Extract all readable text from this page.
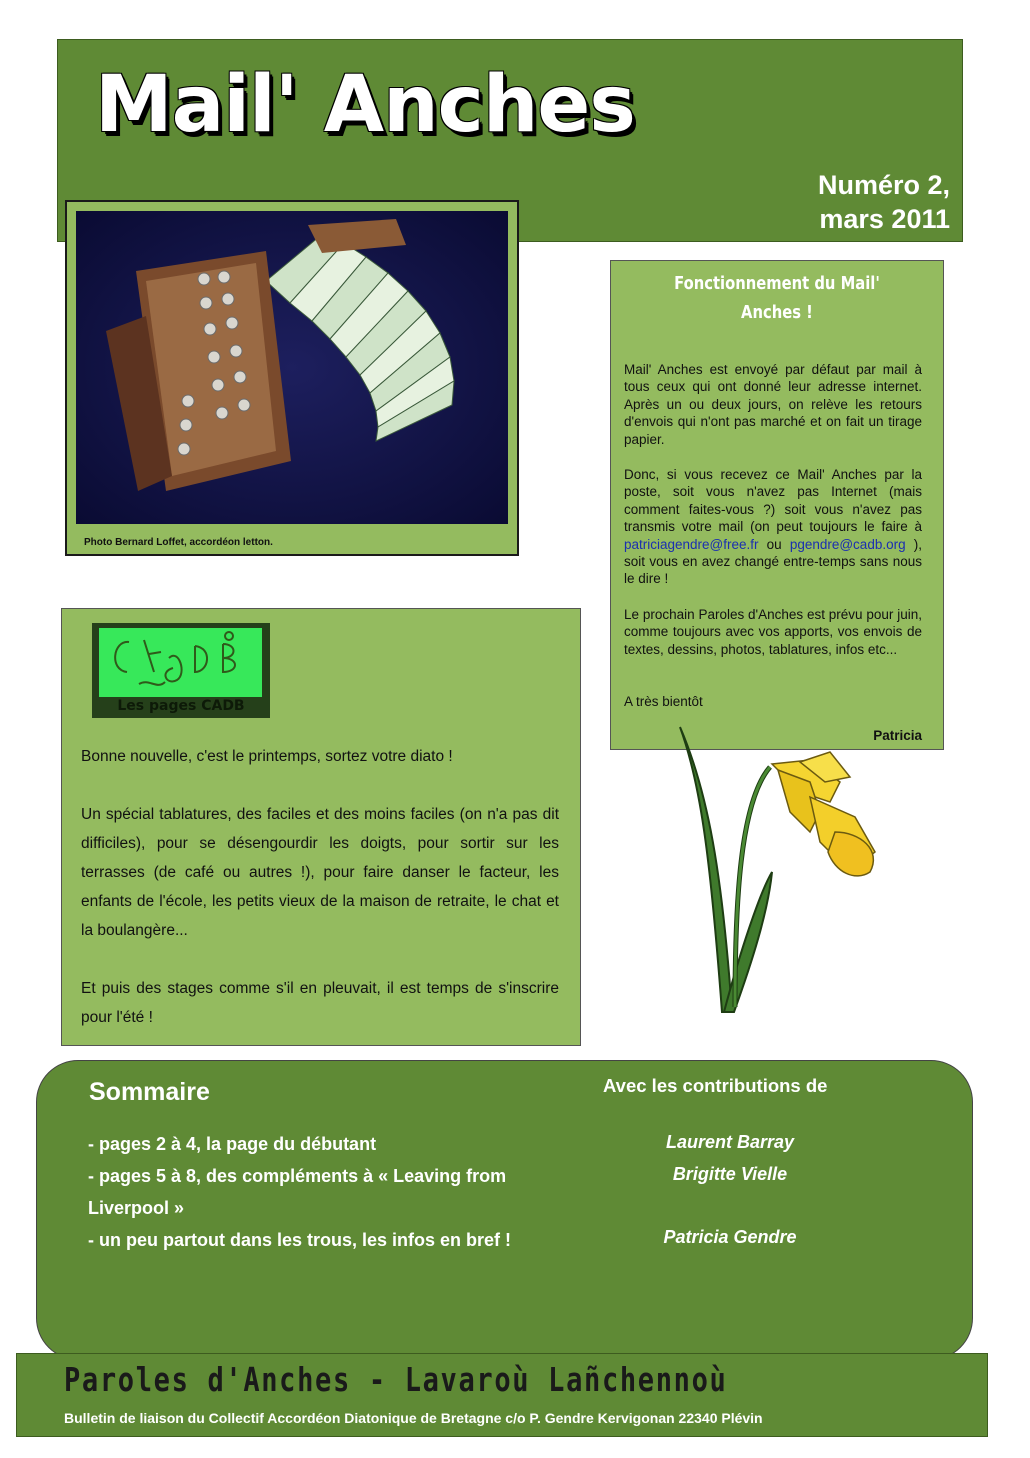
Mail' Anches
Numéro 2,
mars 2011
Photo Bernard Loffet, accordéon letton.
Fonctionnement du Mail'
Anches !

Mail' Anches est envoyé par défaut par mail à tous ceux qui ont donné leur adresse internet. Après un ou deux jours, on relève les retours d'envois qui n'ont pas marché et on fait un tirage papier.

Donc, si vous recevez ce Mail' Anches par la poste, soit vous n'avez pas Internet (mais comment faites-vous ?) soit vous n'avez pas transmis votre mail (on peut toujours le faire à patriciagendre@free.fr ou pgendre@cadb.org ), soit vous en avez changé entre-temps sans nous le dire !

Le prochain Paroles d'Anches est prévu pour juin, comme toujours avec vos apports, vos envois de textes, dessins, photos, tablatures, infos etc...

A très bientôt

Patricia
Les pages CADB

Bonne nouvelle, c'est le printemps, sortez votre diato !

Un spécial tablatures, des faciles et des moins faciles (on n'a pas dit difficiles), pour se désengourdir les doigts, pour sortir sur les terrasses (de café ou autres !), pour faire danser le facteur, les enfants de l'école, les petits vieux de la maison de retraite, le chat et la boulangère...

Et puis des stages comme s'il en pleuvait, il est temps de s'inscrire pour l'été !

Sommaire
- pages 2 à 4, la page du débutant
- pages 5 à 8, des compléments à « Leaving from Liverpool »
- un peu partout dans les trous, les infos en bref !
Avec les contributions de
Laurent Barray
Brigitte Vielle
Patricia Gendre
Paroles d'Anches - Lavaroù Lañchennoù
Bulletin de liaison du Collectif Accordéon Diatonique de Bretagne c/o P. Gendre Kervigonan 22340 Plévin
